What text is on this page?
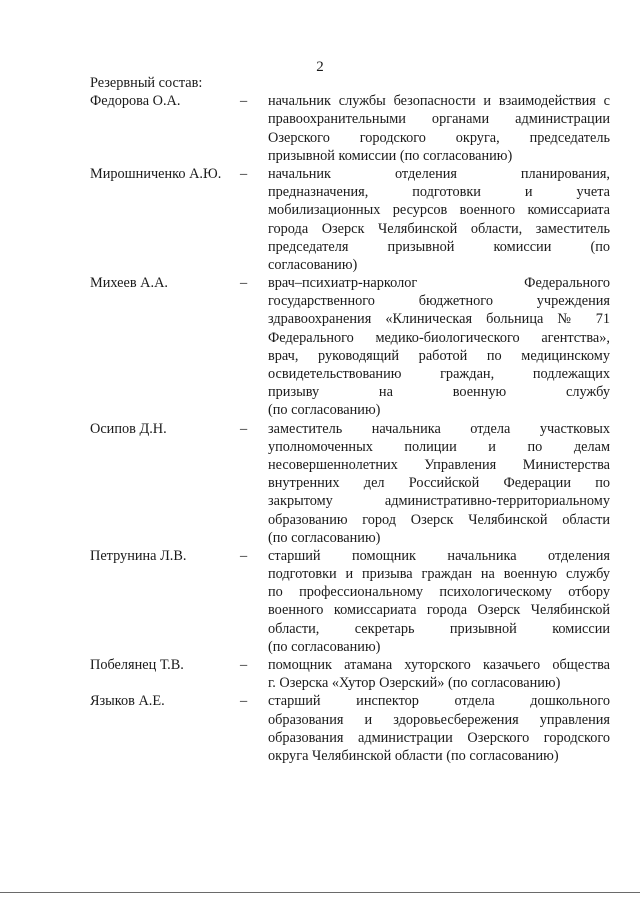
2
Резервный состав:
Федорова О.А.	–	начальник службы безопасности и взаимодействия с
правоохранительными органами администрации
Озерского городского округа, председатель
призывной комиссии (по согласованию)
Мирошниченко А.Ю.	–	начальник отделения планирования,
предназначения, подготовки и учета
мобилизационных ресурсов военного комиссариата
города Озерск Челябинской области, заместитель
председателя призывной комиссии (по
согласованию)
Михеев А.А.	–	врач–психиатр-нарколог Федерального
государственного бюджетного учреждения
здравоохранения «Клиническая больница № 71
Федерального медико-биологического агентства»,
врач, руководящий работой по медицинскому
освидетельствованию граждан, подлежащих
призыву на военную службу
(по согласованию)
Осипов Д.Н.	–	заместитель начальника отдела участковых
уполномоченных полиции и по делам
несовершеннолетних Управления Министерства
внутренних дел Российской Федерации по
закрытому административно-территориальному
образованию город Озерск Челябинской области
(по согласованию)
Петрунина Л.В.	–	старший помощник начальника отделения
подготовки и призыва граждан на военную службу
по профессиональному психологическому отбору
военного комиссариата города Озерск Челябинской
области, секретарь призывной комиссии
(по согласованию)
Побелянец Т.В.	–	помощник атамана хуторского казачьего общества
г. Озерска «Хутор Озерский» (по согласованию)
Языков А.Е.	–	старший инспектор отдела дошкольного
образования и здоровьесбережения управления
образования администрации Озерского городского
округа Челябинской области (по согласованию)
